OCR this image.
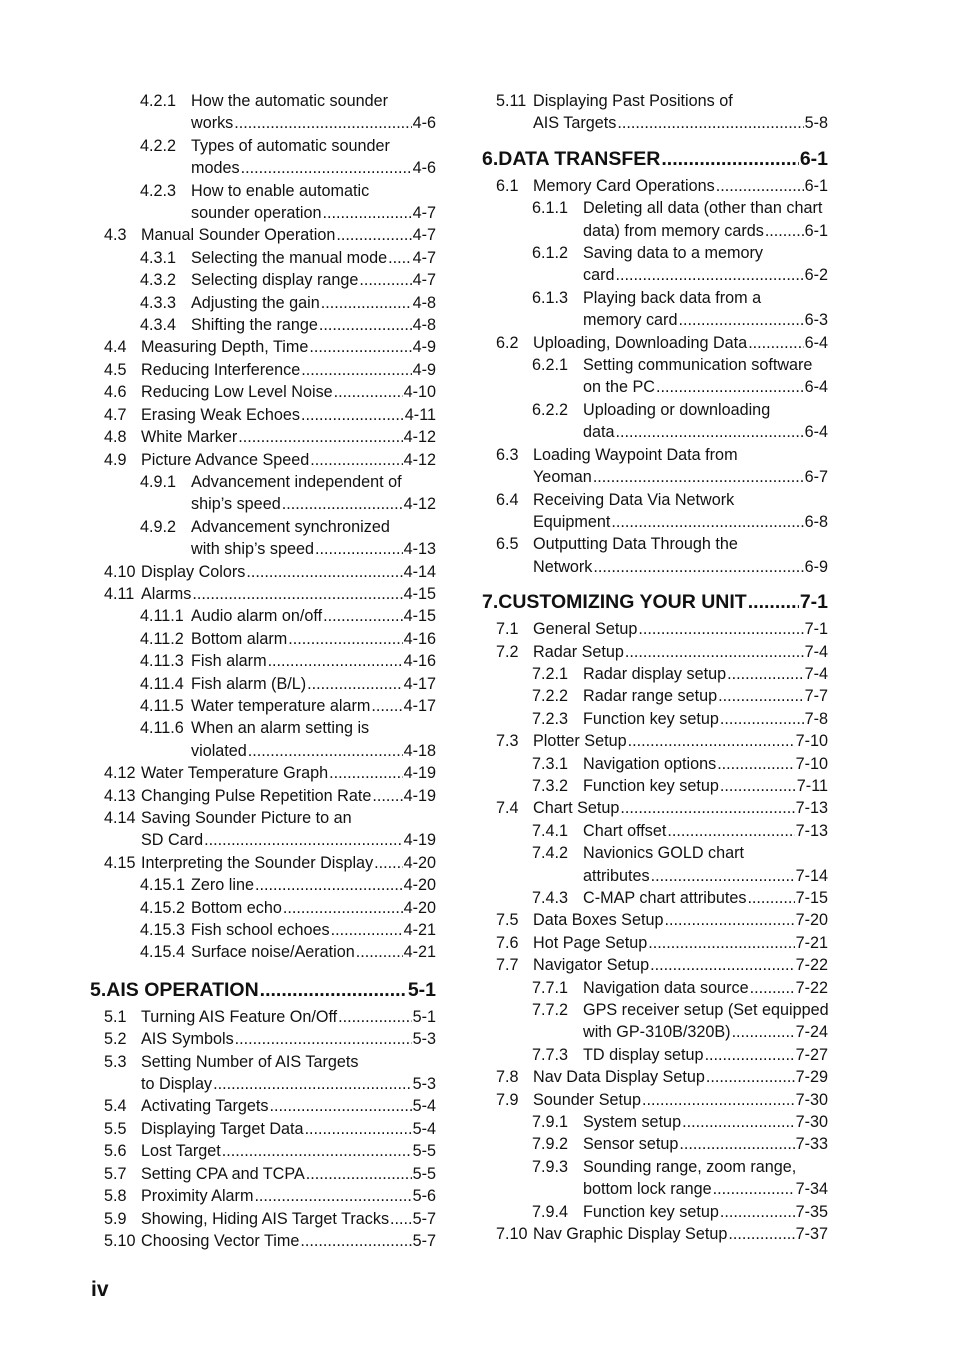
4.2.1 How the automatic sounder
works .....	4-6
4.2.2 Types of automatic sounder
modes .....	4-6
4.2.3 How to enable automatic
sounder operation .....	4-7
4.3 Manual Sounder Operation .....	4-7
4.3.1 Selecting the manual mode ..... 4-7
4.3.2 Selecting display range .....	4-7
4.3.3 Adjusting the gain .....	4-8
4.3.4 Shifting the range .....	4-8
4.4 Measuring Depth, Time .....	4-9
4.5 Reducing Interference .....	4-9
4.6 Reducing Low Level Noise .....	4-10
4.7 Erasing Weak Echoes .....	4-11
4.8 White Marker .....	4-12
4.9 Picture Advance Speed .....	4-12
4.9.1 Advancement independent of
ship’s speed .....	4-12
4.9.2 Advancement synchronized
with ship’s speed .....	4-13
4.10 Display Colors .....	4-14
4.11 Alarms .....	4-15
4.11.1 Audio alarm on/off .....	4-15
4.11.2 Bottom alarm .....	4-16
4.11.3 Fish alarm .....	4-16
4.11.4 Fish alarm (B/L) .....	4-17
4.11.5 Water temperature alarm ..... 4-17
4.11.6 When an alarm setting is
violated .....	4-18
4.12 Water Temperature Graph .....	4-19
4.13 Changing Pulse Repetition Rate ..... 4-19
4.14 Saving Sounder Picture to an
SD Card .....	4-19
4.15 Interpreting the Sounder Display ..... 4-20
4.15.1 Zero line .....	4-20
4.15.2 Bottom echo .....	4-20
4.15.3 Fish school echoes .....	4-21
4.15.4 Surface noise/Aeration .....	4-21
5. AIS OPERATION .....	5-1
5.1 Turning AIS Feature On/Off .....	5-1
5.2 AIS Symbols .....	5-3
5.3 Setting Number of AIS Targets
to Display .....	5-3
5.4 Activating Targets .....	5-4
5.5 Displaying Target Data .....	5-4
5.6 Lost Target .....	5-5
5.7 Setting CPA and TCPA .....	5-5
5.8 Proximity Alarm .....	5-6
5.9 Showing, Hiding AIS Target Tracks ..... 5-7
5.10 Choosing Vector Time .....	5-7
5.11 Displaying Past Positions of
AIS Targets .....	5-8
6. DATA TRANSFER .....	6-1
6.1 Memory Card Operations .....	6-1
6.1.1 Deleting all data (other than chart
data) from memory cards .....	6-1
6.1.2 Saving data to a memory
card .....	6-2
6.1.3 Playing back data from a
memory card .....	6-3
6.2 Uploading, Downloading Data .....	6-4
6.2.1 Setting communication software
on the PC .....	6-4
6.2.2 Uploading or downloading
data .....	6-4
6.3 Loading Waypoint Data from
Yeoman .....	6-7
6.4 Receiving Data Via Network
Equipment .....	6-8
6.5 Outputting Data Through the
Network .....	6-9
7. CUSTOMIZING YOUR UNIT .....	7-1
7.1 General Setup .....	7-1
7.2 Radar Setup .....	7-4
7.2.1 Radar display setup .....	7-4
7.2.2 Radar range setup .....	7-7
7.2.3 Function key setup .....	7-8
7.3 Plotter Setup .....	7-10
7.3.1 Navigation options .....	7-10
7.3.2 Function key setup .....	7-11
7.4 Chart Setup .....	7-13
7.4.1 Chart offset .....	7-13
7.4.2 Navionics GOLD chart
attributes .....	7-14
7.4.3 C-MAP chart attributes .....	7-15
7.5 Data Boxes Setup .....	7-20
7.6 Hot Page Setup .....	7-21
7.7 Navigator Setup .....	7-22
7.7.1 Navigation data source .....	7-22
7.7.2 GPS receiver setup (Set equipped
with GP-310B/320B) .....	7-24
7.7.3 TD display setup .....	7-27
7.8 Nav Data Display Setup .....	7-29
7.9 Sounder Setup .....	7-30
7.9.1 System setup .....	7-30
7.9.2 Sensor setup .....	7-33
7.9.3 Sounding range, zoom range,
bottom lock range .....	7-34
7.9.4 Function key setup .....	7-35
7.10 Nav Graphic Display Setup .....	7-37
iv
